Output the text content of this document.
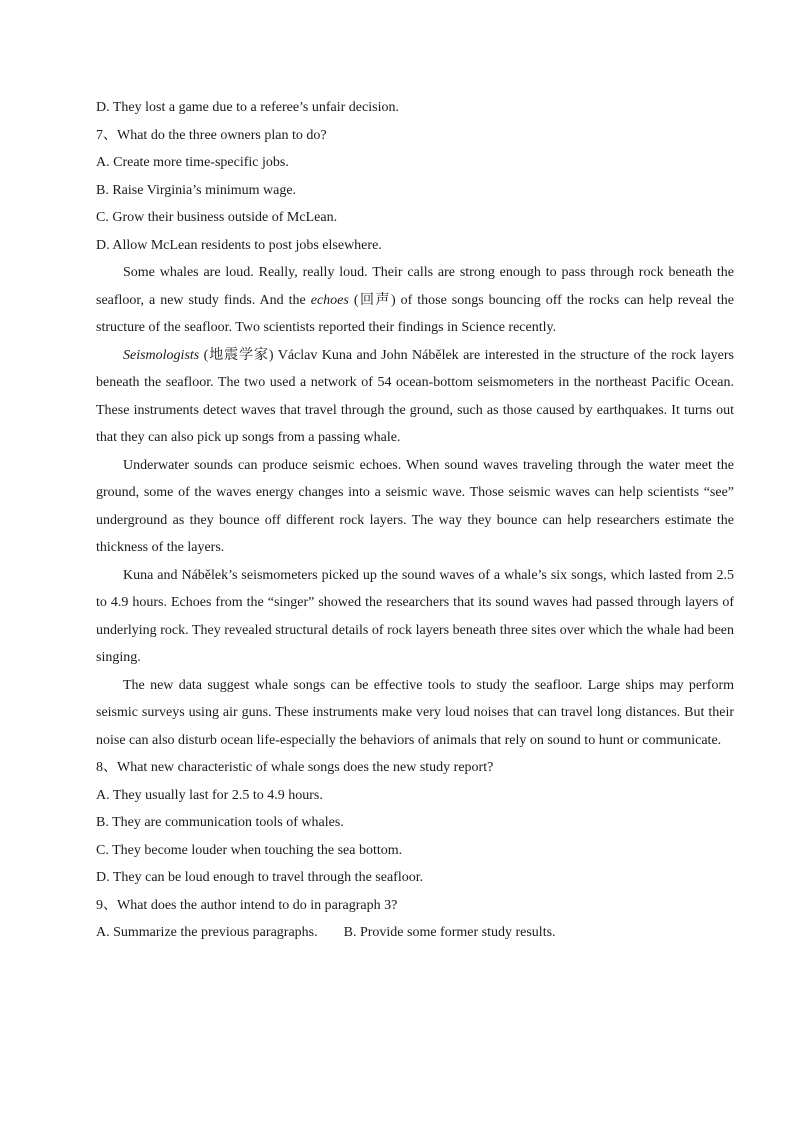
D. They lost a game due to a referee’s unfair decision.

7、What do the three owners plan to do?

A. Create more time-specific jobs.

B. Raise Virginia’s minimum wage.

C. Grow their business outside of McLean.

D. Allow McLean residents to post jobs elsewhere.

Some whales are loud. Really, really loud. Their calls are strong enough to pass through rock beneath the seafloor, a new study finds. And the echoes (回声) of those songs bouncing off the rocks can help reveal the structure of the seafloor. Two scientists reported their findings in Science recently.

Seismologists (地震学家) Václav Kuna and John Nábělek are interested in the structure of the rock layers beneath the seafloor. The two used a network of 54 ocean-bottom seismometers in the northeast Pacific Ocean. These instruments detect waves that travel through the ground, such as those caused by earthquakes. It turns out that they can also pick up songs from a passing whale.

Underwater sounds can produce seismic echoes. When sound waves traveling through the water meet the ground, some of the waves energy changes into a seismic wave. Those seismic waves can help scientists “see” underground as they bounce off different rock layers. The way they bounce can help researchers estimate the thickness of the layers.

Kuna and Nábělek’s seismometers picked up the sound waves of a whale’s six songs, which lasted from 2.5 to 4.9 hours. Echoes from the “singer” showed the researchers that its sound waves had passed through layers of underlying rock. They revealed structural details of rock layers beneath three sites over which the whale had been singing.

The new data suggest whale songs can be effective tools to study the seafloor. Large ships may perform seismic surveys using air guns. These instruments make very loud noises that can travel long distances. But their noise can also disturb ocean life-especially the behaviors of animals that rely on sound to hunt or communicate.

8、What new characteristic of whale songs does the new study report?

A. They usually last for 2.5 to 4.9 hours.

B. They are communication tools of whales.

C. They become louder when touching the sea bottom.

D. They can be loud enough to travel through the seafloor.

9、What does the author intend to do in paragraph 3?

A. Summarize the previous paragraphs. B. Provide some former study results.
